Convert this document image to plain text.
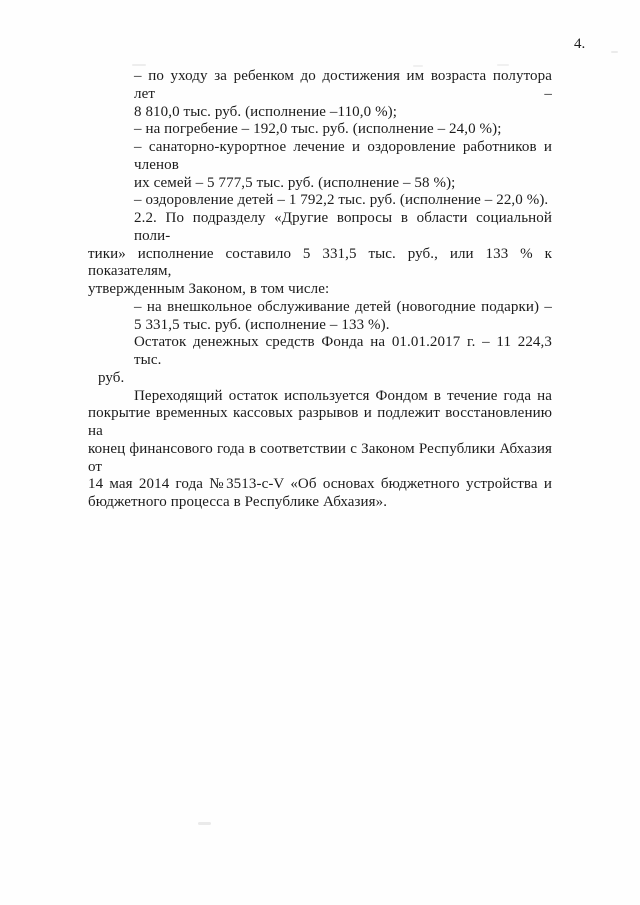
4.
– по уходу за ребенком до достижения им возраста полутора лет –
8 810,0 тыс. руб. (исполнение –110,0 %);
– на погребение – 192,0 тыс. руб. (исполнение – 24,0 %);
– санаторно-курортное лечение и оздоровление работников и членов
их семей – 5 777,5 тыс. руб. (исполнение – 58 %);
– оздоровление детей – 1 792,2 тыс. руб. (исполнение – 22,0 %).
2.2. По подразделу «Другие вопросы в области социальной поли-
тики» исполнение составило 5 331,5 тыс. руб., или 133 % к показателям,
утвержденным Законом, в том числе:
– на внешкольное обслуживание детей (новогодние подарки) –
5 331,5 тыс. руб. (исполнение – 133 %).
Остаток денежных средств Фонда на 01.01.2017 г. – 11 224,3 тыс.
руб.
Переходящий остаток используется Фондом в течение года на
покрытие временных кассовых разрывов и подлежит восстановлению на
конец финансового года в соответствии с Законом Республики Абхазия от
14 мая 2014 года №3513-с-V «Об основах бюджетного устройства и
бюджетного процесса в Республике Абхазия».
